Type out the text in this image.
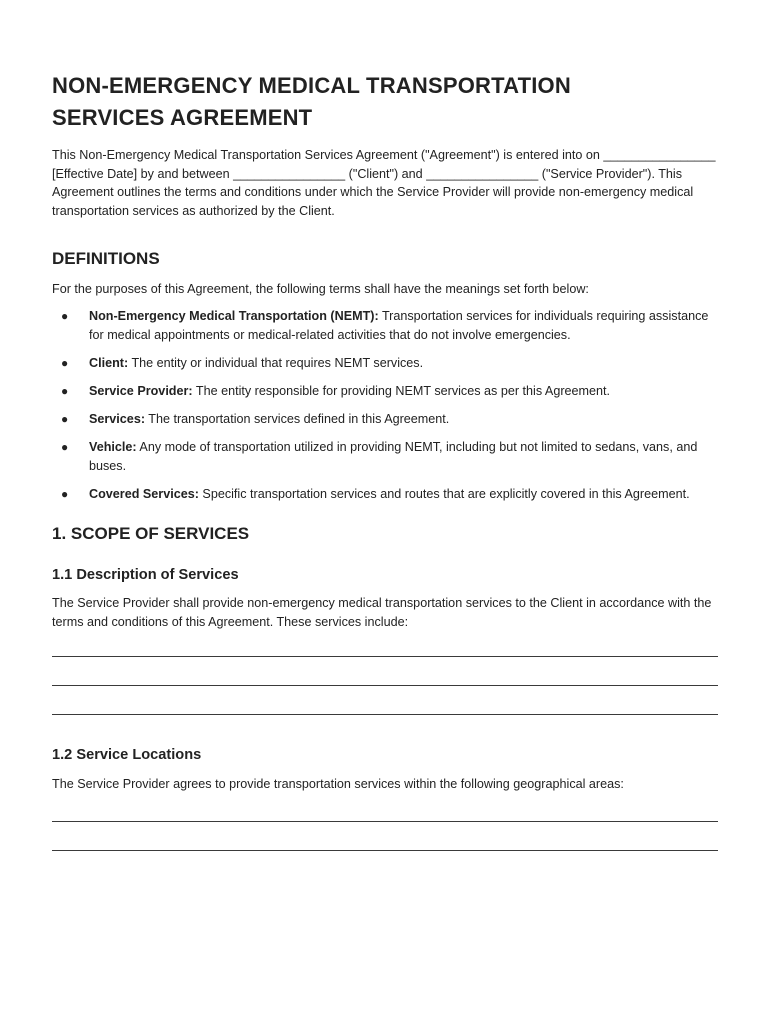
NON-EMERGENCY MEDICAL TRANSPORTATION
SERVICES AGREEMENT

This Non-Emergency Medical Transportation Services Agreement ("Agreement") is entered into on ________________ [Effective Date] by and between ________________ ("Client") and ________________ ("Service Provider"). This Agreement outlines the terms and conditions under which the Service Provider will provide non-emergency medical transportation services as authorized by the Client.

DEFINITIONS

For the purposes of this Agreement, the following terms shall have the meanings set forth below:

● Non-Emergency Medical Transportation (NEMT): Transportation services for individuals requiring assistance for medical appointments or medical-related activities that do not involve emergencies.
● Client: The entity or individual that requires NEMT services.
● Service Provider: The entity responsible for providing NEMT services as per this Agreement.
● Services: The transportation services defined in this Agreement.
● Vehicle: Any mode of transportation utilized in providing NEMT, including but not limited to sedans, vans, and buses.
● Covered Services: Specific transportation services and routes that are explicitly covered in this Agreement.
1. SCOPE OF SERVICES
1.1 Description of Services

The Service Provider shall provide non-emergency medical transportation services to the Client in accordance with the terms and conditions of this Agreement. These services include:

1.2 Service Locations

The Service Provider agrees to provide transportation services within the following geographical areas:
